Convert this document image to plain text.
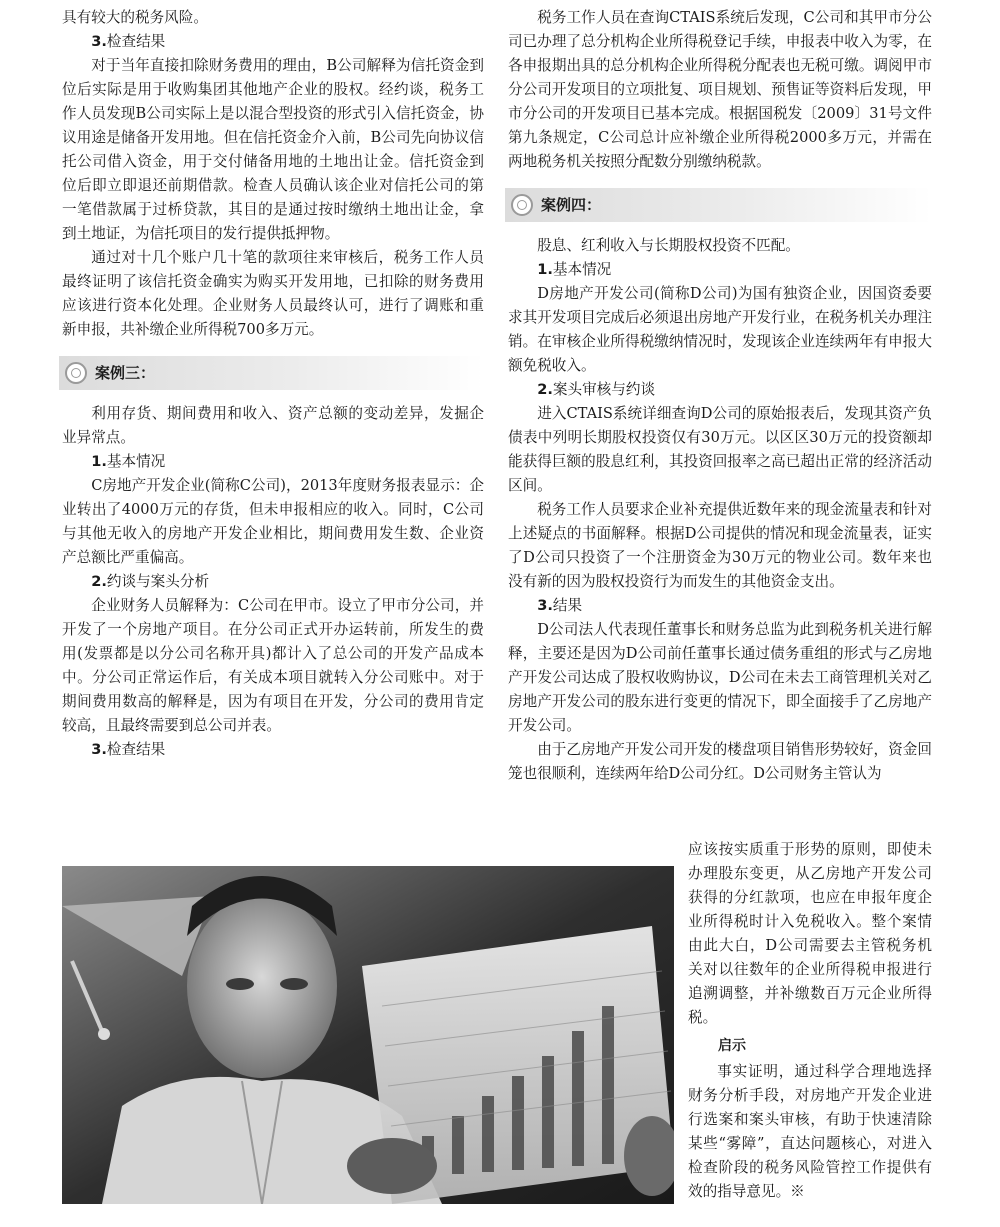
具有较大的税务风险。

3.检查结果

对于当年直接扣除财务费用的理由，B公司解释为信托资金到位后实际是用于收购集团其他地产企业的股权。经约谈，税务工作人员发现B公司实际上是以混合型投资的形式引入信托资金，协议用途是储备开发用地。但在信托资金介入前，B公司先向协议信托公司借入资金，用于交付储备用地的土地出让金。信托资金到位后即立即退还前期借款。检查人员确认该企业对信托公司的第一笔借款属于过桥贷款，其目的是通过按时缴纳土地出让金，拿到土地证，为信托项目的发行提供抵押物。

通过对十几个账户几十笔的款项往来审核后，税务工作人员最终证明了该信托资金确实为购买开发用地，已扣除的财务费用应该进行资本化处理。企业财务人员最终认可，进行了调账和重新申报，共补缴企业所得税700多万元。

案例三：

利用存货、期间费用和收入、资产总额的变动差异，发掘企业异常点。

1.基本情况

C房地产开发企业(简称C公司)，2013年度财务报表显示：企业转出了4000万元的存货，但未申报相应的收入。同时，C公司与其他无收入的房地产开发企业相比，期间费用发生数、企业资产总额比严重偏高。

2.约谈与案头分析

企业财务人员解释为：C公司在甲市。设立了甲市分公司，并开发了一个房地产项目。在分公司正式开办运转前，所发生的费用(发票都是以分公司名称开具)都计入了总公司的开发产品成本中。分公司正常运作后，有关成本项目就转入分公司账中。对于期间费用数高的解释是，因为有项目在开发，分公司的费用肯定较高，且最终需要到总公司并表。

3.检查结果

税务工作人员在查询CTAIS系统后发现，C公司和其甲市分公司已办理了总分机构企业所得税登记手续，申报表中收入为零，在各申报期出具的总分机构企业所得税分配表也无税可缴。调阅甲市分公司开发项目的立项批复、项目规划、预售证等资料后发现，甲市分公司的开发项目已基本完成。根据国税发〔2009〕31号文件第九条规定，C公司总计应补缴企业所得税2000多万元，并需在两地税务机关按照分配数分别缴纳税款。

案例四：

股息、红利收入与长期股权投资不匹配。

1.基本情况

D房地产开发公司(简称D公司)为国有独资企业，因国资委要求其开发项目完成后必须退出房地产开发行业，在税务机关办理注销。在审核企业所得税缴纳情况时，发现该企业连续两年有申报大额免税收入。

2.案头审核与约谈

进入CTAIS系统详细查询D公司的原始报表后，发现其资产负债表中列明长期股权投资仅有30万元。以区区30万元的投资额却能获得巨额的股息红利，其投资回报率之高已超出正常的经济活动区间。

税务工作人员要求企业补充提供近数年来的现金流量表和针对上述疑点的书面解释。根据D公司提供的情况和现金流量表，证实了D公司只投资了一个注册资金为30万元的物业公司。数年来也没有新的因为股权投资行为而发生的其他资金支出。

3.结果

D公司法人代表现任董事长和财务总监为此到税务机关进行解释，主要还是因为D公司前任董事长通过债务重组的形式与乙房地产开发公司达成了股权收购协议，D公司在未去工商管理机关对乙房地产开发公司的股东进行变更的情况下，即全面接手了乙房地产开发公司。

由于乙房地产开发公司开发的楼盘项目销售形势较好，资金回笼也很顺利，连续两年给D公司分红。D公司财务主管认为

应该按实质重于形势的原则，即使未办理股东变更，从乙房地产开发公司获得的分红款项，也应在申报年度企业所得税时计入免税收入。整个案情由此大白，D公司需要去主管税务机关对以往数年的企业所得税申报进行追溯调整，并补缴数百万元企业所得税。

启示

事实证明，通过科学合理地选择财务分析手段，对房地产开发企业进行选案和案头审核，有助于快速清除某些“雾障”，直达问题核心，对进入检查阶段的税务风险管控工作提供有效的指导意见。※
